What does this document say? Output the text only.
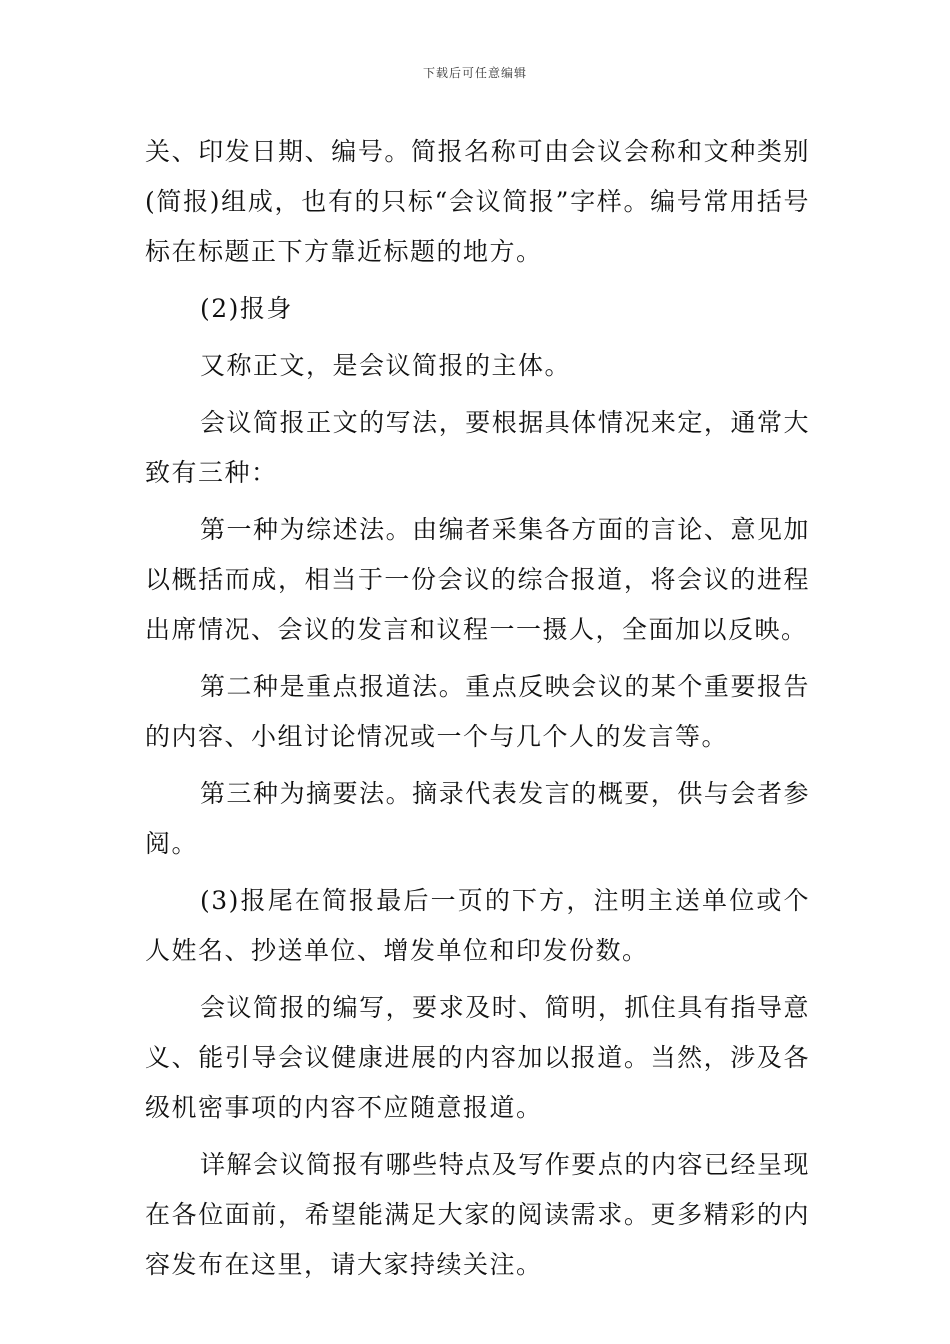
下载后可任意编辑

关、印发日期、编号。简报名称可由会议会称和文种类别(简报)组成，也有的只标“会议简报”字样。编号常用括号标在标题正下方靠近标题的地方。

(2)报身

又称正文，是会议简报的主体。

会议简报正文的写法，要根据具体情况来定，通常大致有三种：

第一种为综述法。由编者采集各方面的言论、意见加以概括而成，相当于一份会议的综合报道，将会议的进程出席情况、会议的发言和议程一一摄人，全面加以反映。

第二种是重点报道法。重点反映会议的某个重要报告的内容、小组讨论情况或一个与几个人的发言等。

第三种为摘要法。摘录代表发言的概要，供与会者参阅。

(3)报尾在简报最后一页的下方，注明主送单位或个人姓名、抄送单位、增发单位和印发份数。

会议简报的编写，要求及时、简明，抓住具有指导意义、能引导会议健康进展的内容加以报道。当然，涉及各级机密事项的内容不应随意报道。

详解会议简报有哪些特点及写作要点的内容已经呈现在各位面前，希望能满足大家的阅读需求。更多精彩的内容发布在这里，请大家持续关注。
